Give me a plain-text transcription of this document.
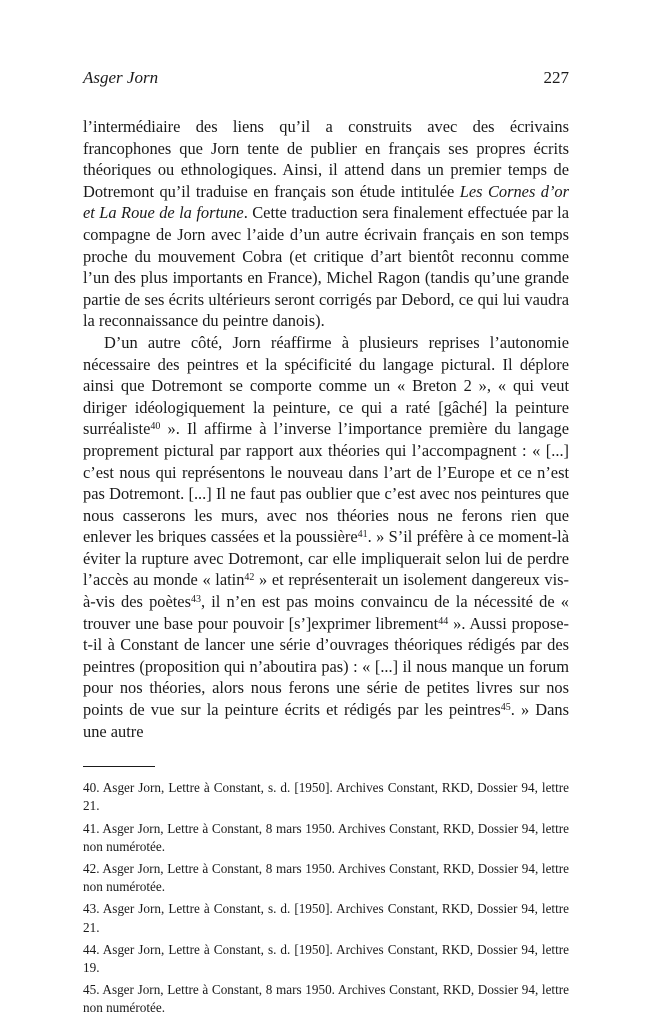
Asger Jorn	227

l’intermédiaire des liens qu’il a construits avec des écrivains francophones que Jorn tente de publier en français ses propres écrits théoriques ou ethnologiques. Ainsi, il attend dans un premier temps de Dotremont qu’il traduise en français son étude intitulée Les Cornes d’or et La Roue de la fortune. Cette traduction sera finalement effectuée par la compagne de Jorn avec l’aide d’un autre écrivain français en son temps proche du mouvement Cobra (et critique d’art bientôt reconnu comme l’un des plus importants en France), Michel Ragon (tandis qu’une grande partie de ses écrits ultérieurs seront corrigés par Debord, ce qui lui vaudra la reconnaissance du peintre danois).

D’un autre côté, Jorn réaffirme à plusieurs reprises l’autonomie nécessaire des peintres et la spécificité du langage pictural. Il déplore ainsi que Dotremont se comporte comme un « Breton 2 », « qui veut diriger idéologiquement la peinture, ce qui a raté [gâché] la peinture surréaliste$^{40}$ ». Il affirme à l’inverse l’importance première du langage proprement pictural par rapport aux théories qui l’accompagnent : « [...] c’est nous qui représentons le nouveau dans l’art de l’Europe et ce n’est pas Dotremont. [...] Il ne faut pas oublier que c’est avec nos peintures que nous casserons les murs, avec nos théories nous ne ferons rien que enlever les briques cassées et la poussière$^{41}$. » S’il préfère à ce moment-là éviter la rupture avec Dotremont, car elle impliquerait selon lui de perdre l’accès au monde « latin$^{42}$ » et représenterait un isolement dangereux vis-à-vis des poètes$^{43}$, il n’en est pas moins convaincu de la nécessité de « trouver une base pour pouvoir [s’]exprimer librement$^{44}$ ». Aussi propose-t-il à Constant de lancer une série d’ouvrages théoriques rédigés par des peintres (proposition qui n’aboutira pas) : « [...] il nous manque un forum pour nos théories, alors nous ferons une série de petites livres sur nos points de vue sur la peinture écrits et rédigés par les peintres$^{45}$. » Dans une autre

40. Asger Jorn, Lettre à Constant, s. d. [1950]. Archives Constant, RKD, Dossier 94, lettre 21.

41. Asger Jorn, Lettre à Constant, 8 mars 1950. Archives Constant, RKD, Dossier 94, lettre non numérotée.

42. Asger Jorn, Lettre à Constant, 8 mars 1950. Archives Constant, RKD, Dossier 94, lettre non numérotée.

43. Asger Jorn, Lettre à Constant, s. d. [1950]. Archives Constant, RKD, Dossier 94, lettre 21.

44. Asger Jorn, Lettre à Constant, s. d. [1950]. Archives Constant, RKD, Dossier 94, lettre 19.

45. Asger Jorn, Lettre à Constant, 8 mars 1950. Archives Constant, RKD, Dossier 94, lettre non numérotée.
